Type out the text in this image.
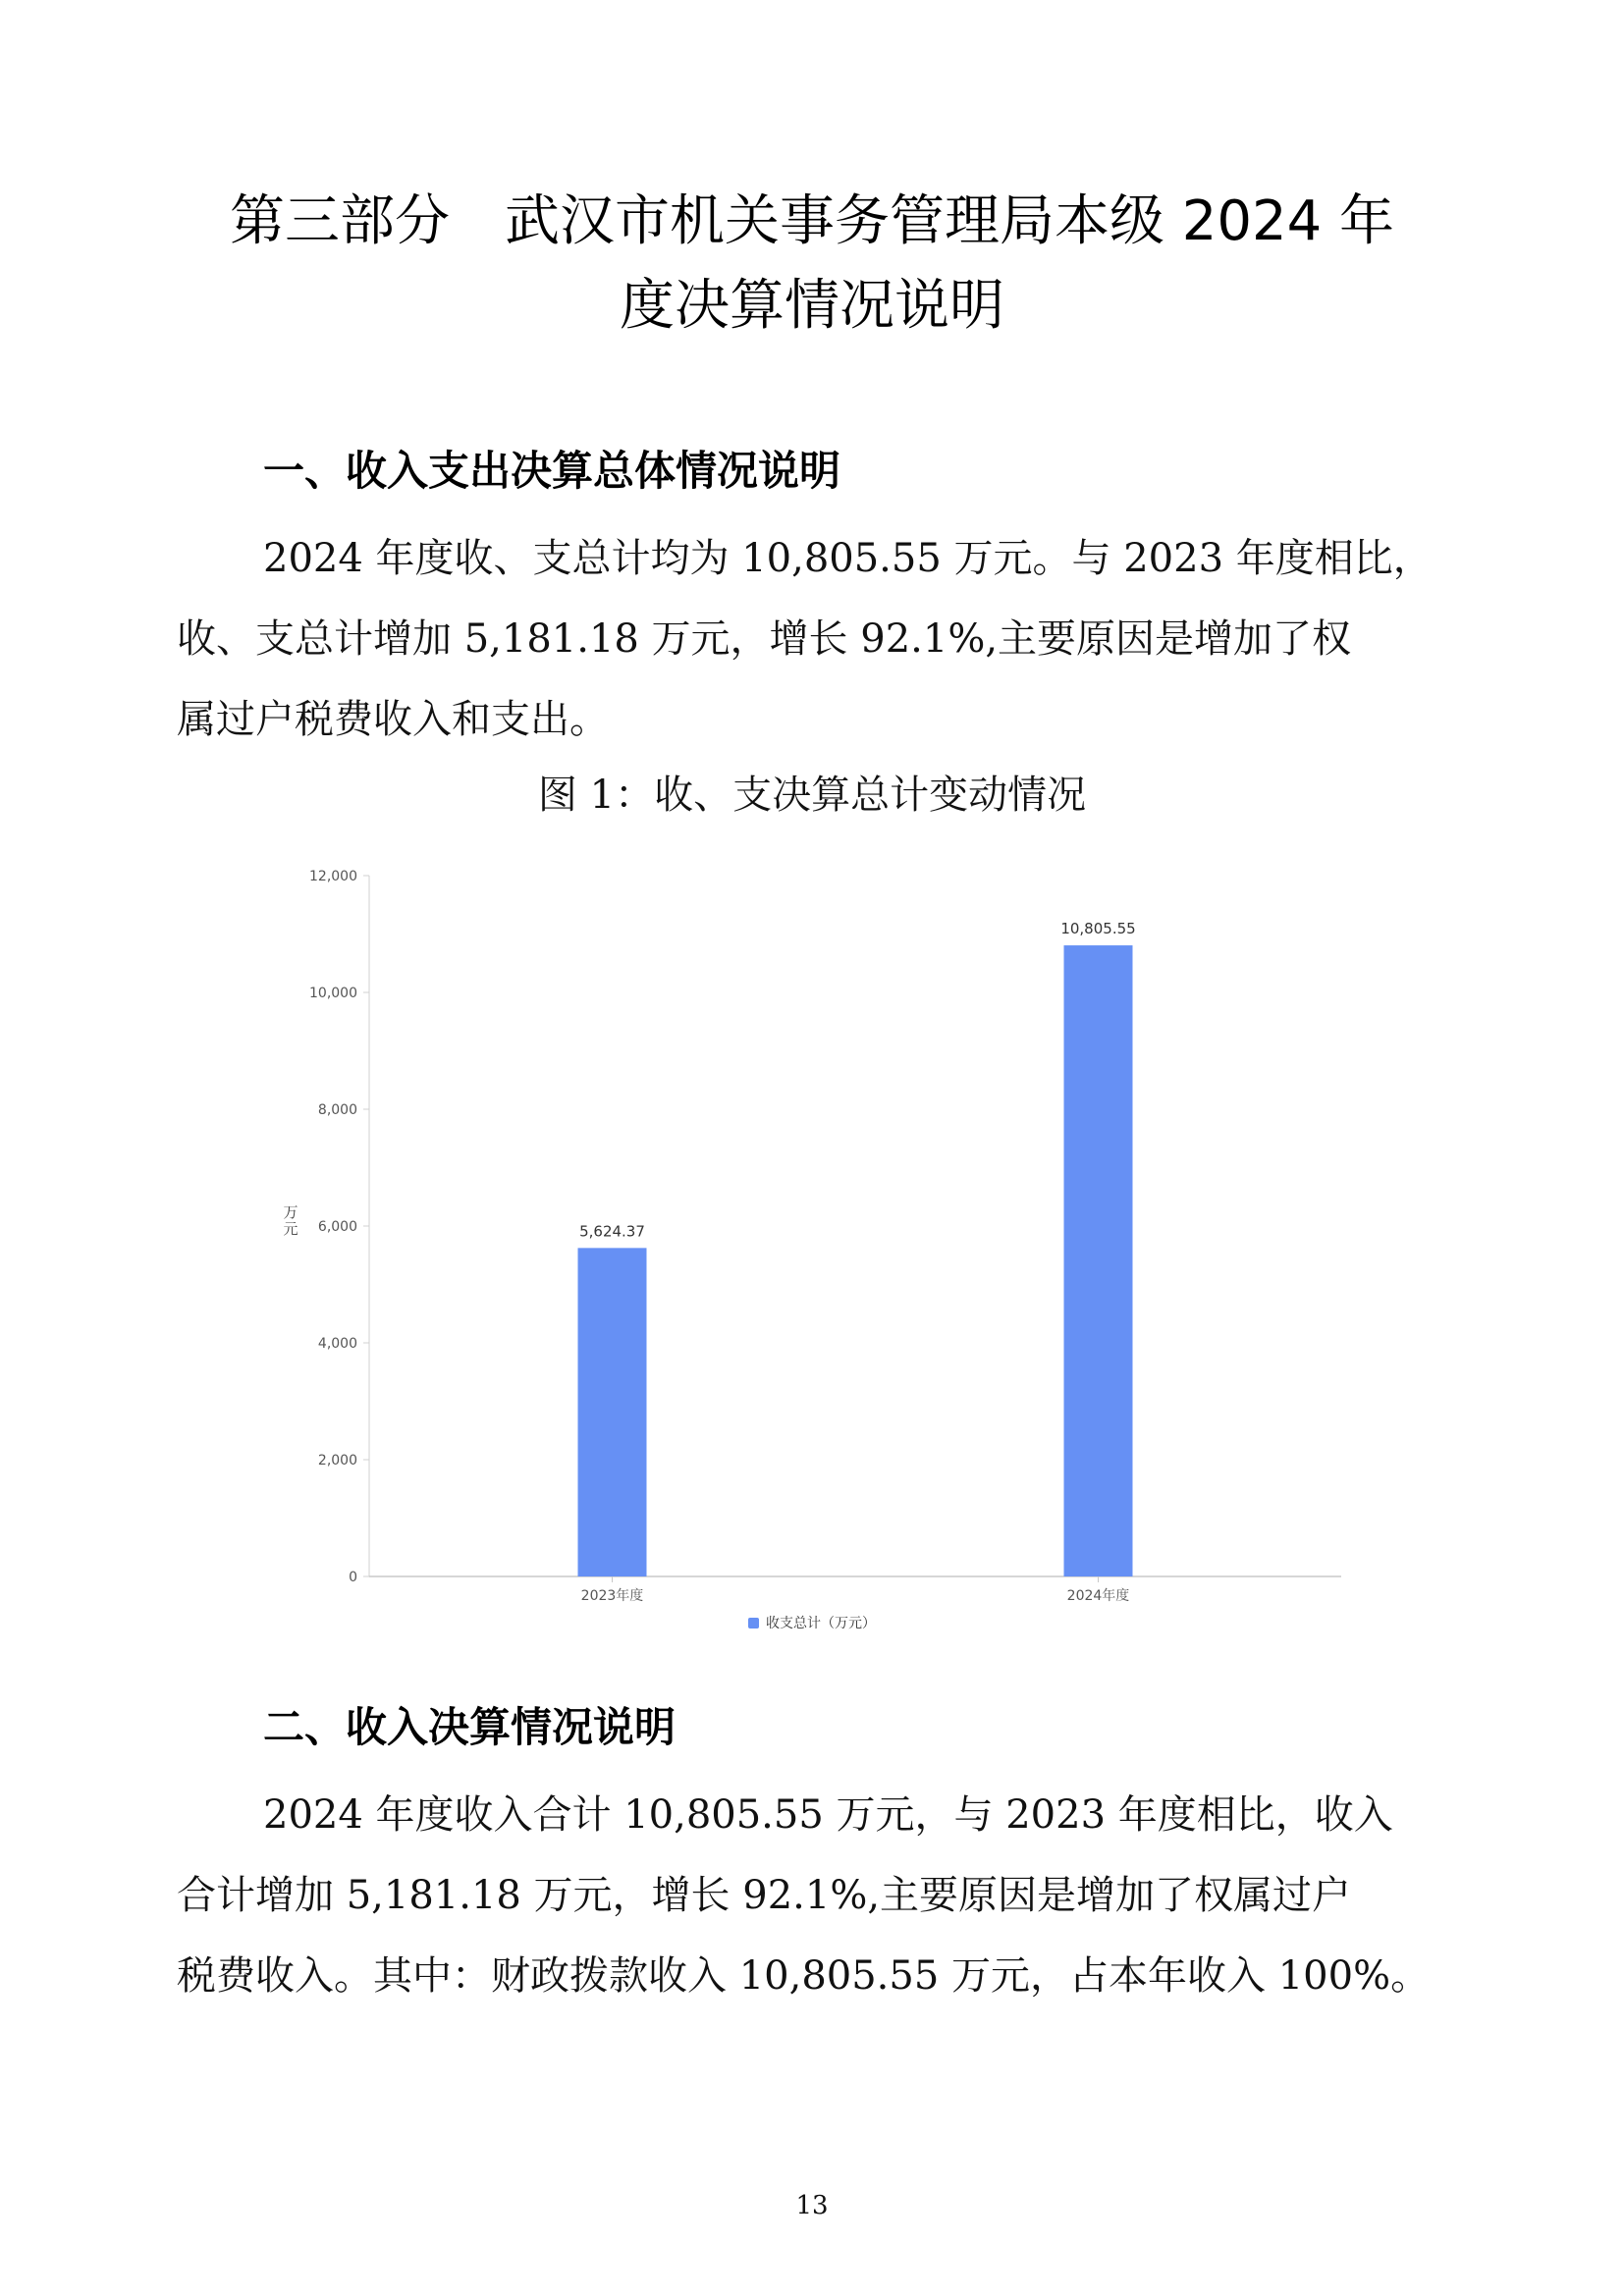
第三部分　武汉市机关事务管理局本级 2024 年
度决算情况说明
一、收入支出决算总体情况说明
2024 年度收、支总计均为 10,805.55 万元。与 2023 年度相比，
收、支总计增加 5,181.18 万元，增长 92.1%,主要原因是增加了权
属过户税费收入和支出。
图 1：收、支决算总计变动情况
0
2,000
4,000
6,000
8,000
10,000
12,000
万元	5,624.37
2023年度
10,805.55
2024年度
收支总计（万元）
二、收入决算情况说明
2024 年度收入合计 10,805.55 万元，与 2023 年度相比，收入
合计增加 5,181.18 万元，增长 92.1%,主要原因是增加了权属过户
税费收入。其中：财政拨款收入 10,805.55 万元，占本年收入 100%。
13
